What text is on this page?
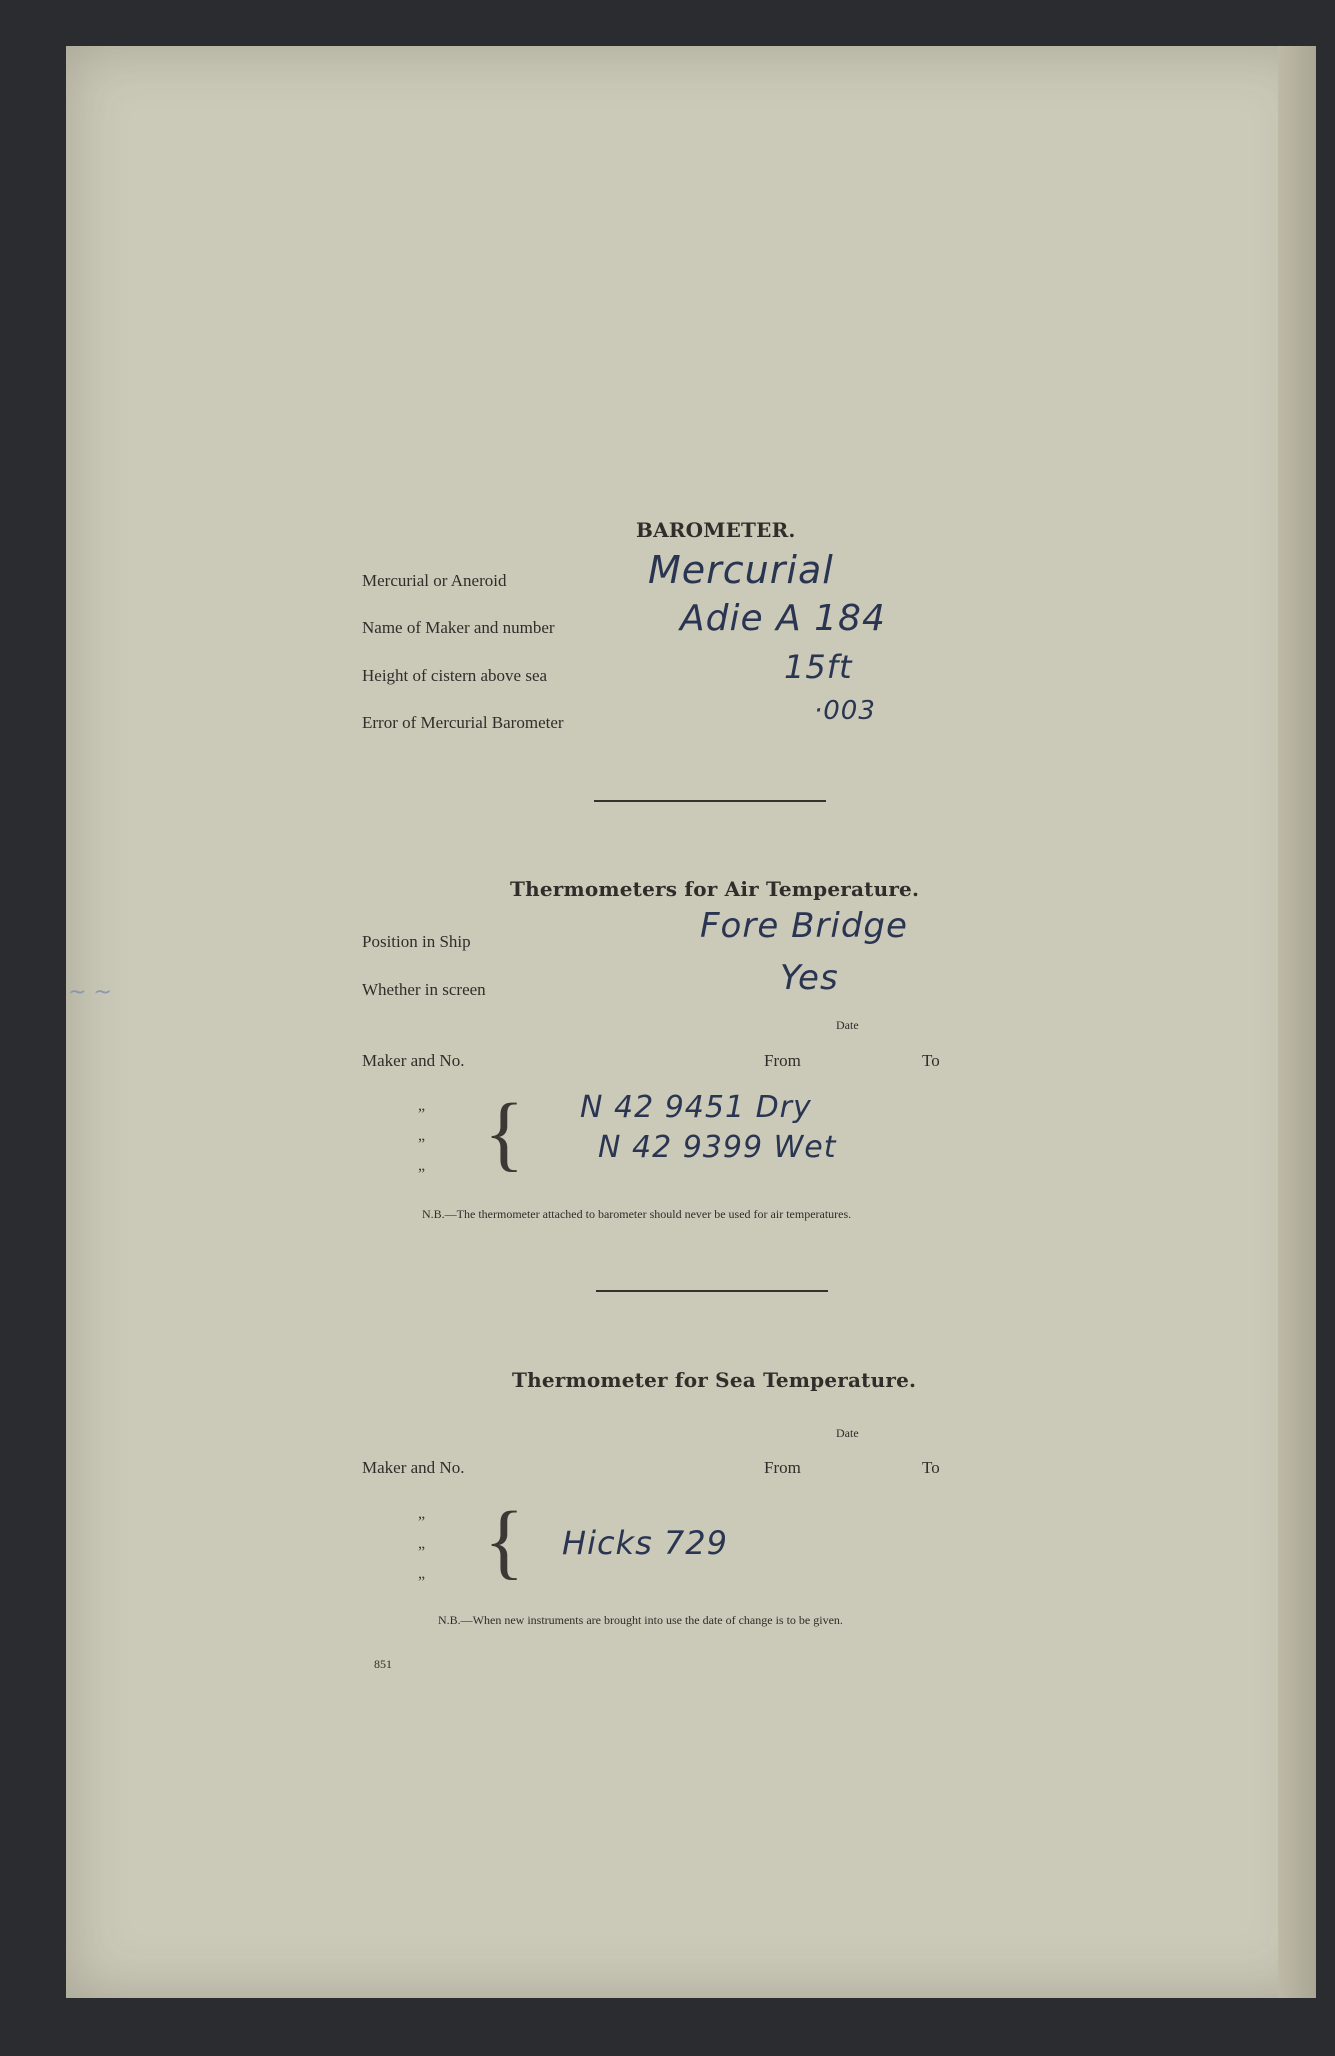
~ ~
BAROMETER.
Mercurial or Aneroid	Mercurial
Name of Maker and number	Adie A 184
Height of cistern above sea	15ft
Error of Mercurial Barometer	·003
Thermometers for Air Temperature.
Position in Ship	Fore Bridge
Whether in screen	Yes
Date
Maker and No.	From	To
”
”
” { N 42 9451 Dry
N 42 9399 Wet
N.B.—The thermometer attached to barometer should never be used for air temperatures.
Thermometer for Sea Temperature.
Date
Maker and No.	From	To
”
”
” { Hicks 729
N.B.—When new instruments are brought into use the date of change is to be given.
851
